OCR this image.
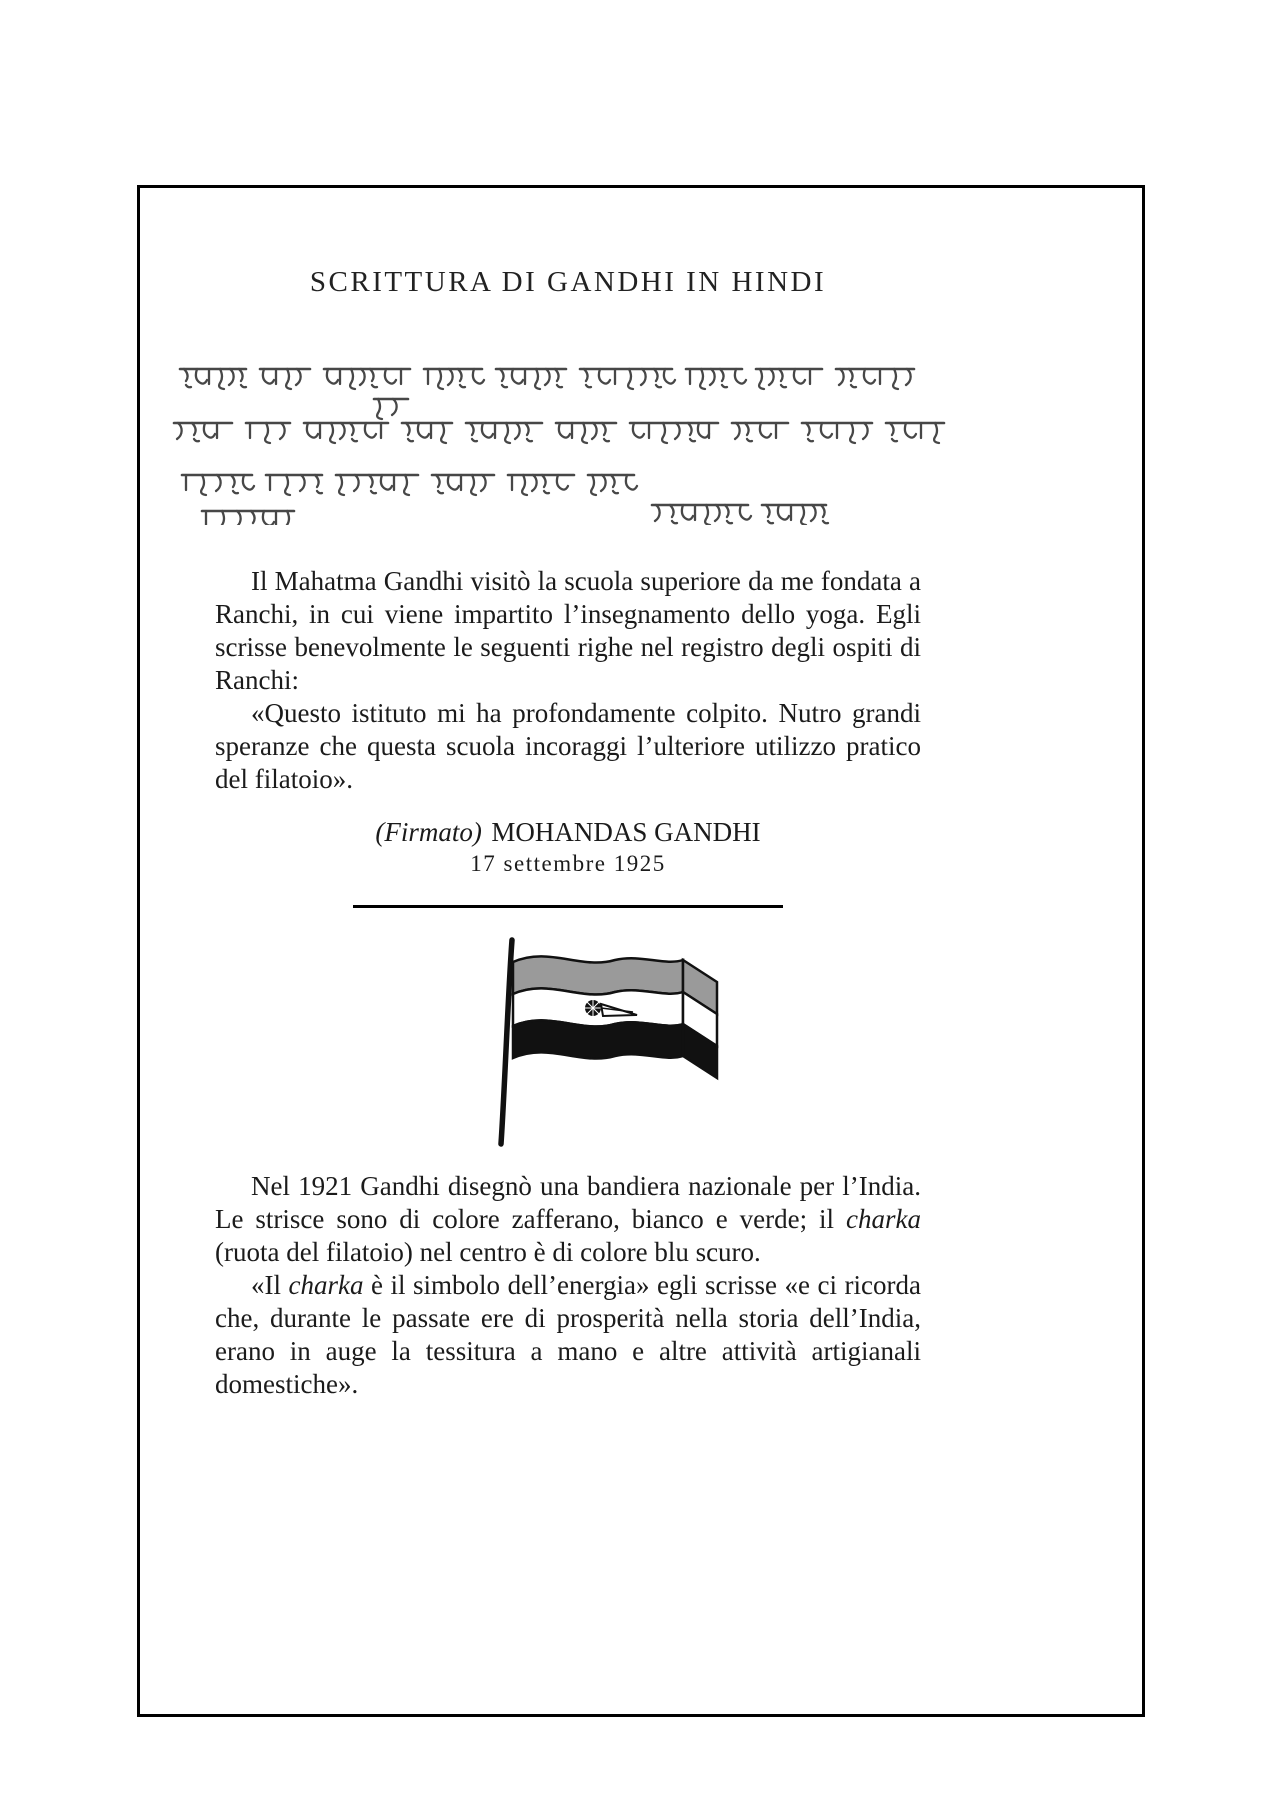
SCRITTURA DI GANDHI IN HINDI

Il Mahatma Gandhi visitò la scuola superiore da me fondata a Ranchi, in cui viene impartito l’insegnamento dello yoga. Egli scrisse benevolmente le seguenti righe nel registro degli ospiti di Ranchi:

«Questo istituto mi ha profondamente colpito. Nutro grandi speranze che questa scuola incoraggi l’ulteriore utilizzo pratico del filatoio».

(Firmato) MOHANDAS GANDHI

17 settembre 1925

Nel 1921 Gandhi disegnò una bandiera nazionale per l’India. Le strisce sono di colore zafferano, bianco e verde; il charka (ruota del filatoio) nel centro è di colore blu scuro.

«Il charka è il simbolo dell’energia» egli scrisse «e ci ricorda che, durante le passate ere di prosperità nella storia dell’India, erano in auge la tessitura a mano e altre attività artigianali domestiche».
